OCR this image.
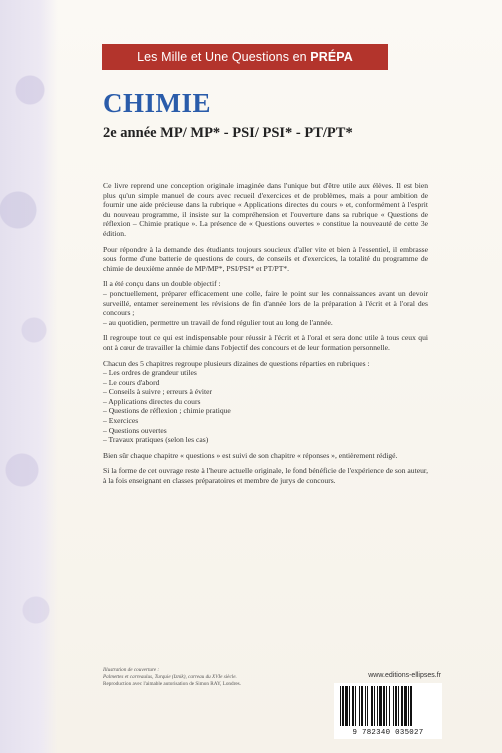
Les Mille et Une Questions en PRÉPA
CHIMIE
2e année MP/ MP* - PSI/ PSI* - PT/PT*

Ce livre reprend une conception originale imaginée dans l'unique but d'être utile aux élèves. Il est bien plus qu'un simple manuel de cours avec recueil d'exercices et de problèmes, mais a pour ambition de fournir une aide précieuse dans la rubrique « Applications directes du cours » et, conformément à l'esprit du nouveau programme, il insiste sur la compréhension et l'ouverture dans sa rubrique « Questions de réflexion – Chimie pratique ». La présence de « Questions ouvertes » constitue la nouveauté de cette 3e édition.

Pour répondre à la demande des étudiants toujours soucieux d'aller vite et bien à l'essentiel, il embrasse sous forme d'une batterie de questions de cours, de conseils et d'exercices, la totalité du programme de chimie de deuxième année de MP/MP*, PSI/PSI* et PT/PT*.

Il a été conçu dans un double objectif :
– ponctuellement, préparer efficacement une colle, faire le point sur les connaissances avant un devoir surveillé, entamer sereinement les révisions de fin d'année lors de la préparation à l'écrit et à l'oral des concours ;
– au quotidien, permettre un travail de fond régulier tout au long de l'année.

Il regroupe tout ce qui est indispensable pour réussir à l'écrit et à l'oral et sera donc utile à tous ceux qui ont à cœur de travailler la chimie dans l'objectif des concours et de leur formation personnelle.

Chacun des 5 chapitres regroupe plusieurs dizaines de questions réparties en rubriques :
– Les ordres de grandeur utiles
– Le cours d'abord
– Conseils à suivre ; erreurs à éviter
– Applications directes du cours
– Questions de réflexion ; chimie pratique
– Exercices
– Questions ouvertes
– Travaux pratiques (selon les cas)

Bien sûr chaque chapitre « questions » est suivi de son chapitre « réponses », entièrement rédigé.

Si la forme de cet ouvrage reste à l'heure actuelle originale, le fond bénéficie de l'expérience de son auteur, à la fois enseignant en classes préparatoires et membre de jurys de concours.

Illustration de couverture :
Palmettes et carreaulus, Turquie (Iznik), carreau du XVIe siècle.
Reproduction avec l'aimable autorisation de Simon RAY, Londres.
www.editions-ellipses.fr
9 782340 035027
